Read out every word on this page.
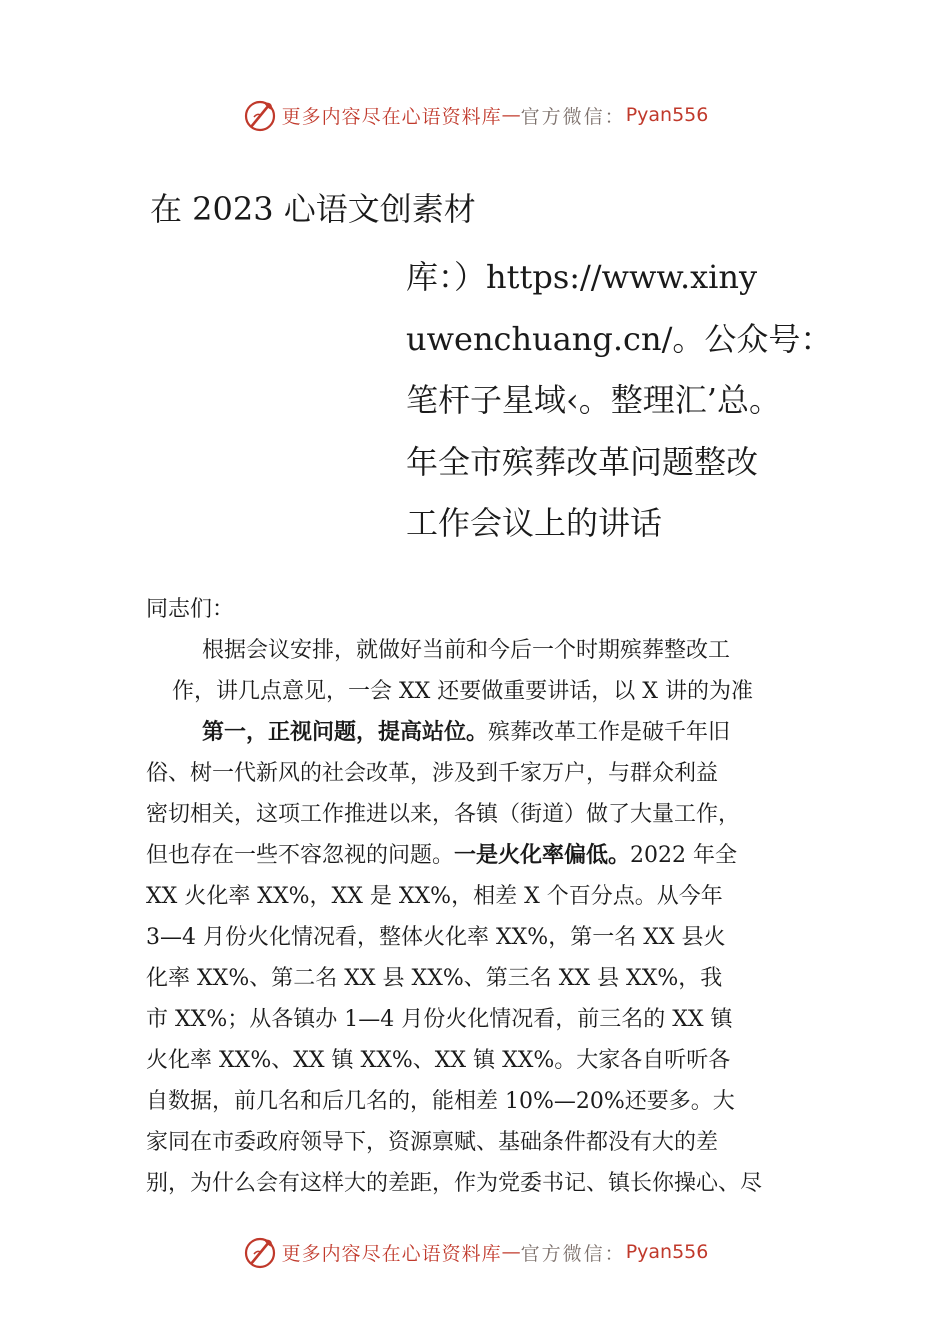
更多内容尽在心语资料库 — 官方微信： Pyan556
在 2023 心语文创素材
库：）https://www.xiny
uwenchuang.cn/。公众号：
笔杆子星域‹。整理汇’总。
年全市殡葬改革问题整改
工作会议上的讲话
同志们：
根据会议安排，就做好当前和今后一个时期殡葬整改工
作，讲几点意见，一会 XX 还要做重要讲话，以 X 讲的为准
第一，正视问题，提高站位。殡葬改革工作是破千年旧
俗、树一代新风的社会改革，涉及到千家万户，与群众利益
密切相关，这项工作推进以来，各镇（街道）做了大量工作，
但也存在一些不容忽视的问题。一是火化率偏低。2022 年全
XX 火化率 XX%，XX 是 XX%，相差 X 个百分点。从今年
3—4 月份火化情况看，整体火化率 XX%，第一名 XX 县火
化率 XX%、第二名 XX 县 XX%、第三名 XX 县 XX%，我
市 XX%；从各镇办 1—4 月份火化情况看，前三名的 XX 镇
火化率 XX%、XX 镇 XX%、XX 镇 XX%。大家各自听听各
自数据，前几名和后几名的，能相差 10%—20%还要多。大
家同在市委政府领导下，资源禀赋、基础条件都没有大的差
别，为什么会有这样大的差距，作为党委书记、镇长你操心、尽
更多内容尽在心语资料库 — 官方微信： Pyan556
